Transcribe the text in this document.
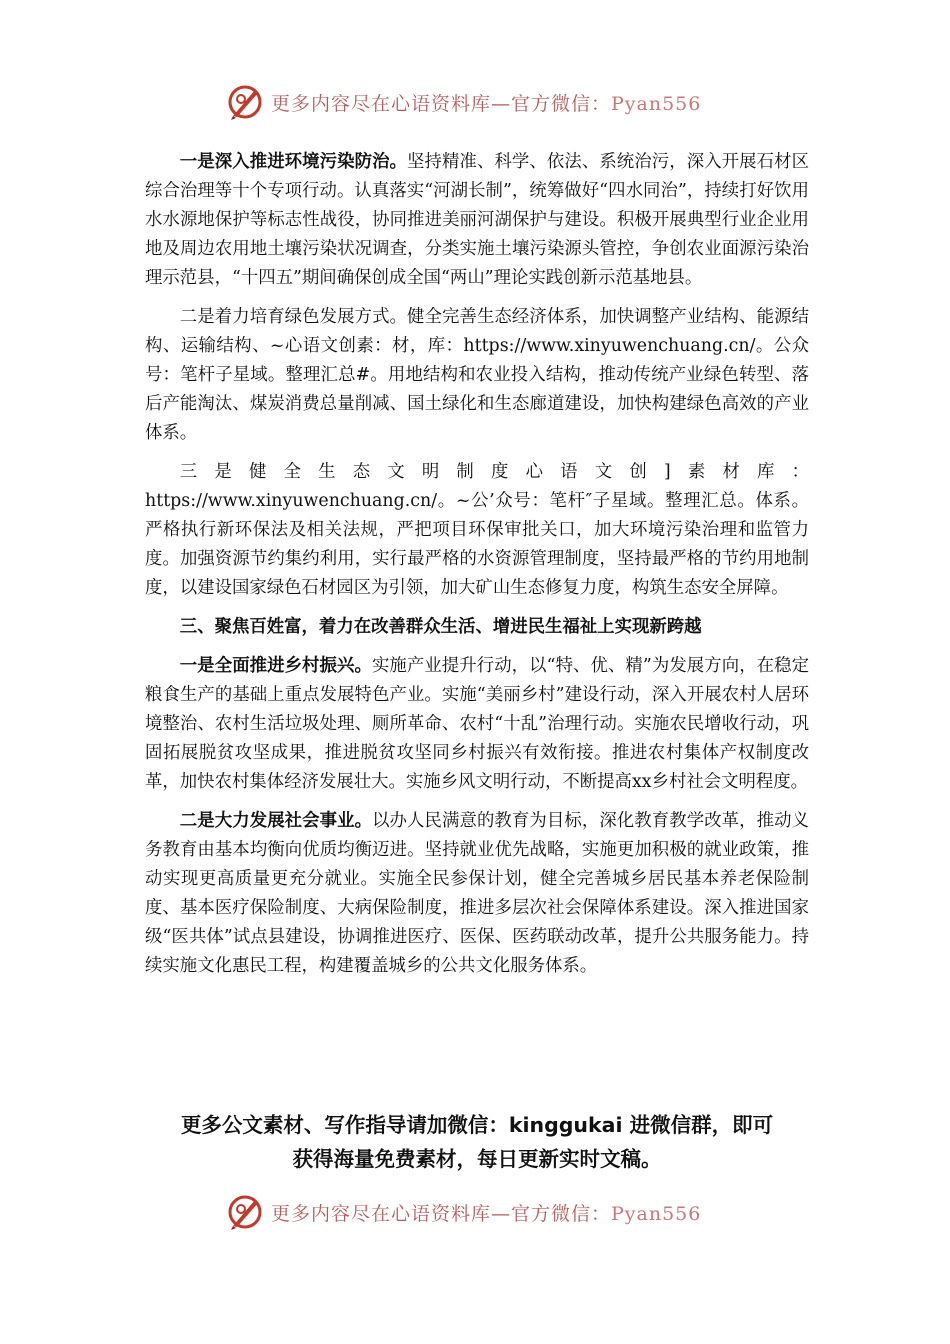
更多内容尽在心语资料库—官方微信：Pyan556

一是深入推进环境污染防治。坚持精准、科学、依法、系统治污，深入开展石材区综合治理等十个专项行动。认真落实“河湖长制”，统筹做好“四水同治”，持续打好饮用水水源地保护等标志性战役，协同推进美丽河湖保护与建设。积极开展典型行业企业用地及周边农用地土壤污染状况调查，分类实施土壤污染源头管控，争创农业面源污染治理示范县，“十四五”期间确保创成全国“两山”理论实践创新示范基地县。

二是着力培育绿色发展方式。健全完善生态经济体系，加快调整产业结构、能源结构、运输结构、~心语文创素：材，库：https://www.xinyuwenchuang.cn/。公众号：笔杆子星域。整理汇总#。用地结构和农业投入结构，推动传统产业绿色转型、落后产能淘汰、煤炭消费总量削减、国土绿化和生态廊道建设，加快构建绿色高效的产业体系。

三是健全生态文明制度心语文创]素材库：https://www.xinyuwenchuang.cn/。~公’众号：笔杆″子星域。整理汇总。体系。严格执行新环保法及相关法规，严把项目环保审批关口，加大环境污染治理和监管力度。加强资源节约集约利用，实行最严格的水资源管理制度，坚持最严格的节约用地制度，以建设国家绿色石材园区为引领，加大矿山生态修复力度，构筑生态安全屏障。

三、聚焦百姓富，着力在改善群众生活、增进民生福祉上实现新跨越

一是全面推进乡村振兴。实施产业提升行动，以“特、优、精”为发展方向，在稳定粮食生产的基础上重点发展特色产业。实施“美丽乡村”建设行动，深入开展农村人居环境整治、农村生活垃圾处理、厕所革命、农村“十乱”治理行动。实施农民增收行动，巩固拓展脱贫攻坚成果，推进脱贫攻坚同乡村振兴有效衔接。推进农村集体产权制度改革，加快农村集体经济发展壮大。实施乡风文明行动，不断提高xx乡村社会文明程度。

二是大力发展社会事业。以办人民满意的教育为目标，深化教育教学改革，推动义务教育由基本均衡向优质均衡迈进。坚持就业优先战略，实施更加积极的就业政策，推动实现更高质量更充分就业。实施全民参保计划，健全完善城乡居民基本养老保险制度、基本医疗保险制度、大病保险制度，推进多层次社会保障体系建设。深入推进国家级“医共体”试点县建设，协调推进医疗、医保、医药联动改革，提升公共服务能力。持续实施文化惠民工程，构建覆盖城乡的公共文化服务体系。

更多公文素材、写作指导请加微信：kinggukai 进微信群，即可
获得海量免费素材，每日更新实时文稿。
更多内容尽在心语资料库—官方微信：Pyan556
